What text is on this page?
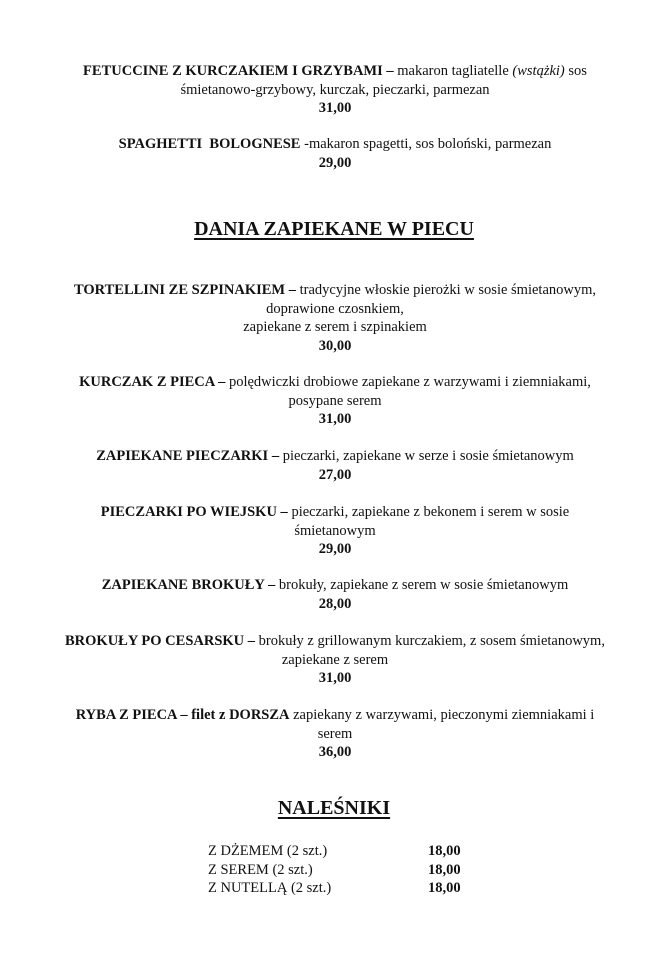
FETUCCINE Z KURCZAKIEM I GRZYBAMI – makaron tagliatelle (wstążki) sos śmietanowo-grzybowy, kurczak, pieczarki, parmezan
31,00
SPAGHETTI  BOLOGNESE -makaron spagetti, sos boloński, parmezan
29,00
DANIA ZAPIEKANE W PIECU
TORTELLINI ZE SZPINAKIEM – tradycyjne włoskie pierożki w sosie śmietanowym,
doprawione czosnkiem,
zapiekane z serem i szpinakiem
30,00
KURCZAK Z PIECA – polędwiczki drobiowe zapiekane z warzywami i ziemniakami, posypane serem
31,00
ZAPIEKANE PIECZARKI – pieczarki, zapiekane w serze i sosie śmietanowym
27,00
PIECZARKI PO WIEJSKU – pieczarki, zapiekane z bekonem i serem w sosie śmietanowym
29,00
ZAPIEKANE BROKUŁY – brokuły, zapiekane z serem w sosie śmietanowym
28,00
BROKUŁY PO CESARSKU – brokuły z grillowanym kurczakiem, z sosem śmietanowym, zapiekane z serem
31,00
RYBA Z PIECA – filet z DORSZA zapiekany z warzywami, pieczonymi ziemniakami i serem
36,00
NALEŚNIKI
Z DŻEMEM (2 szt.)	18,00
Z SEREM (2 szt.)	18,00
Z NUTELLĄ (2 szt.)	18,00
